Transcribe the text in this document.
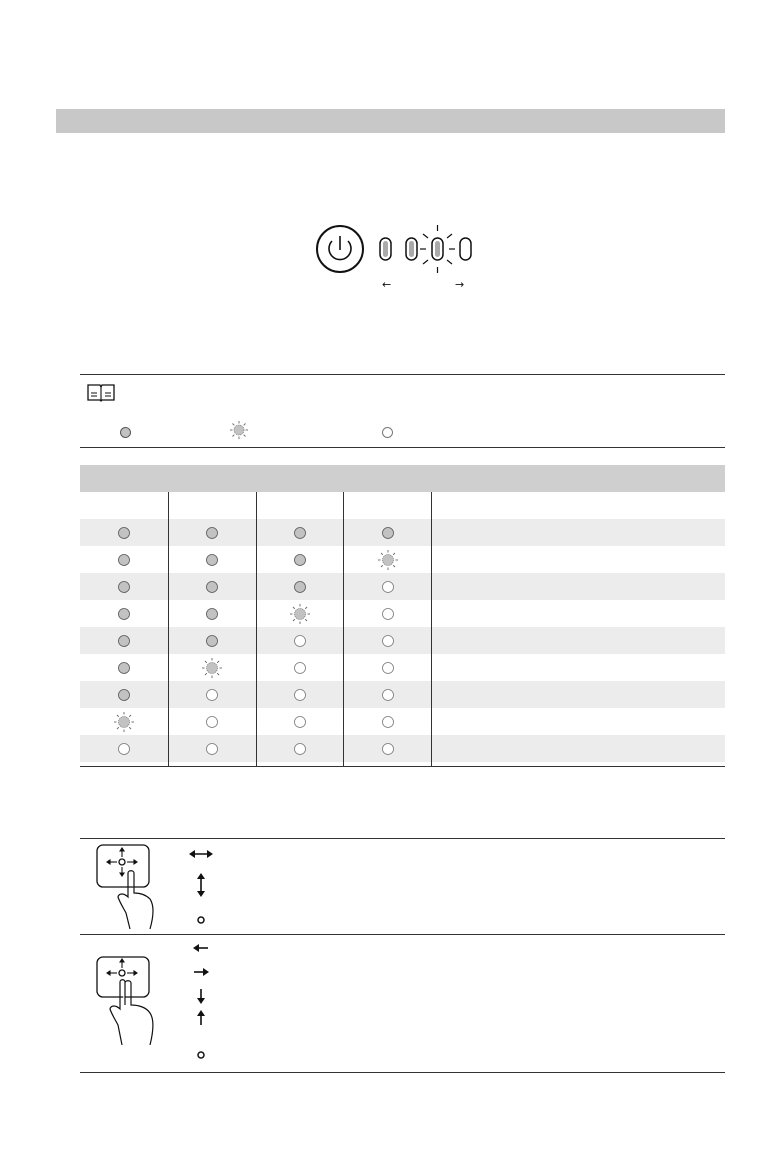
←	→
